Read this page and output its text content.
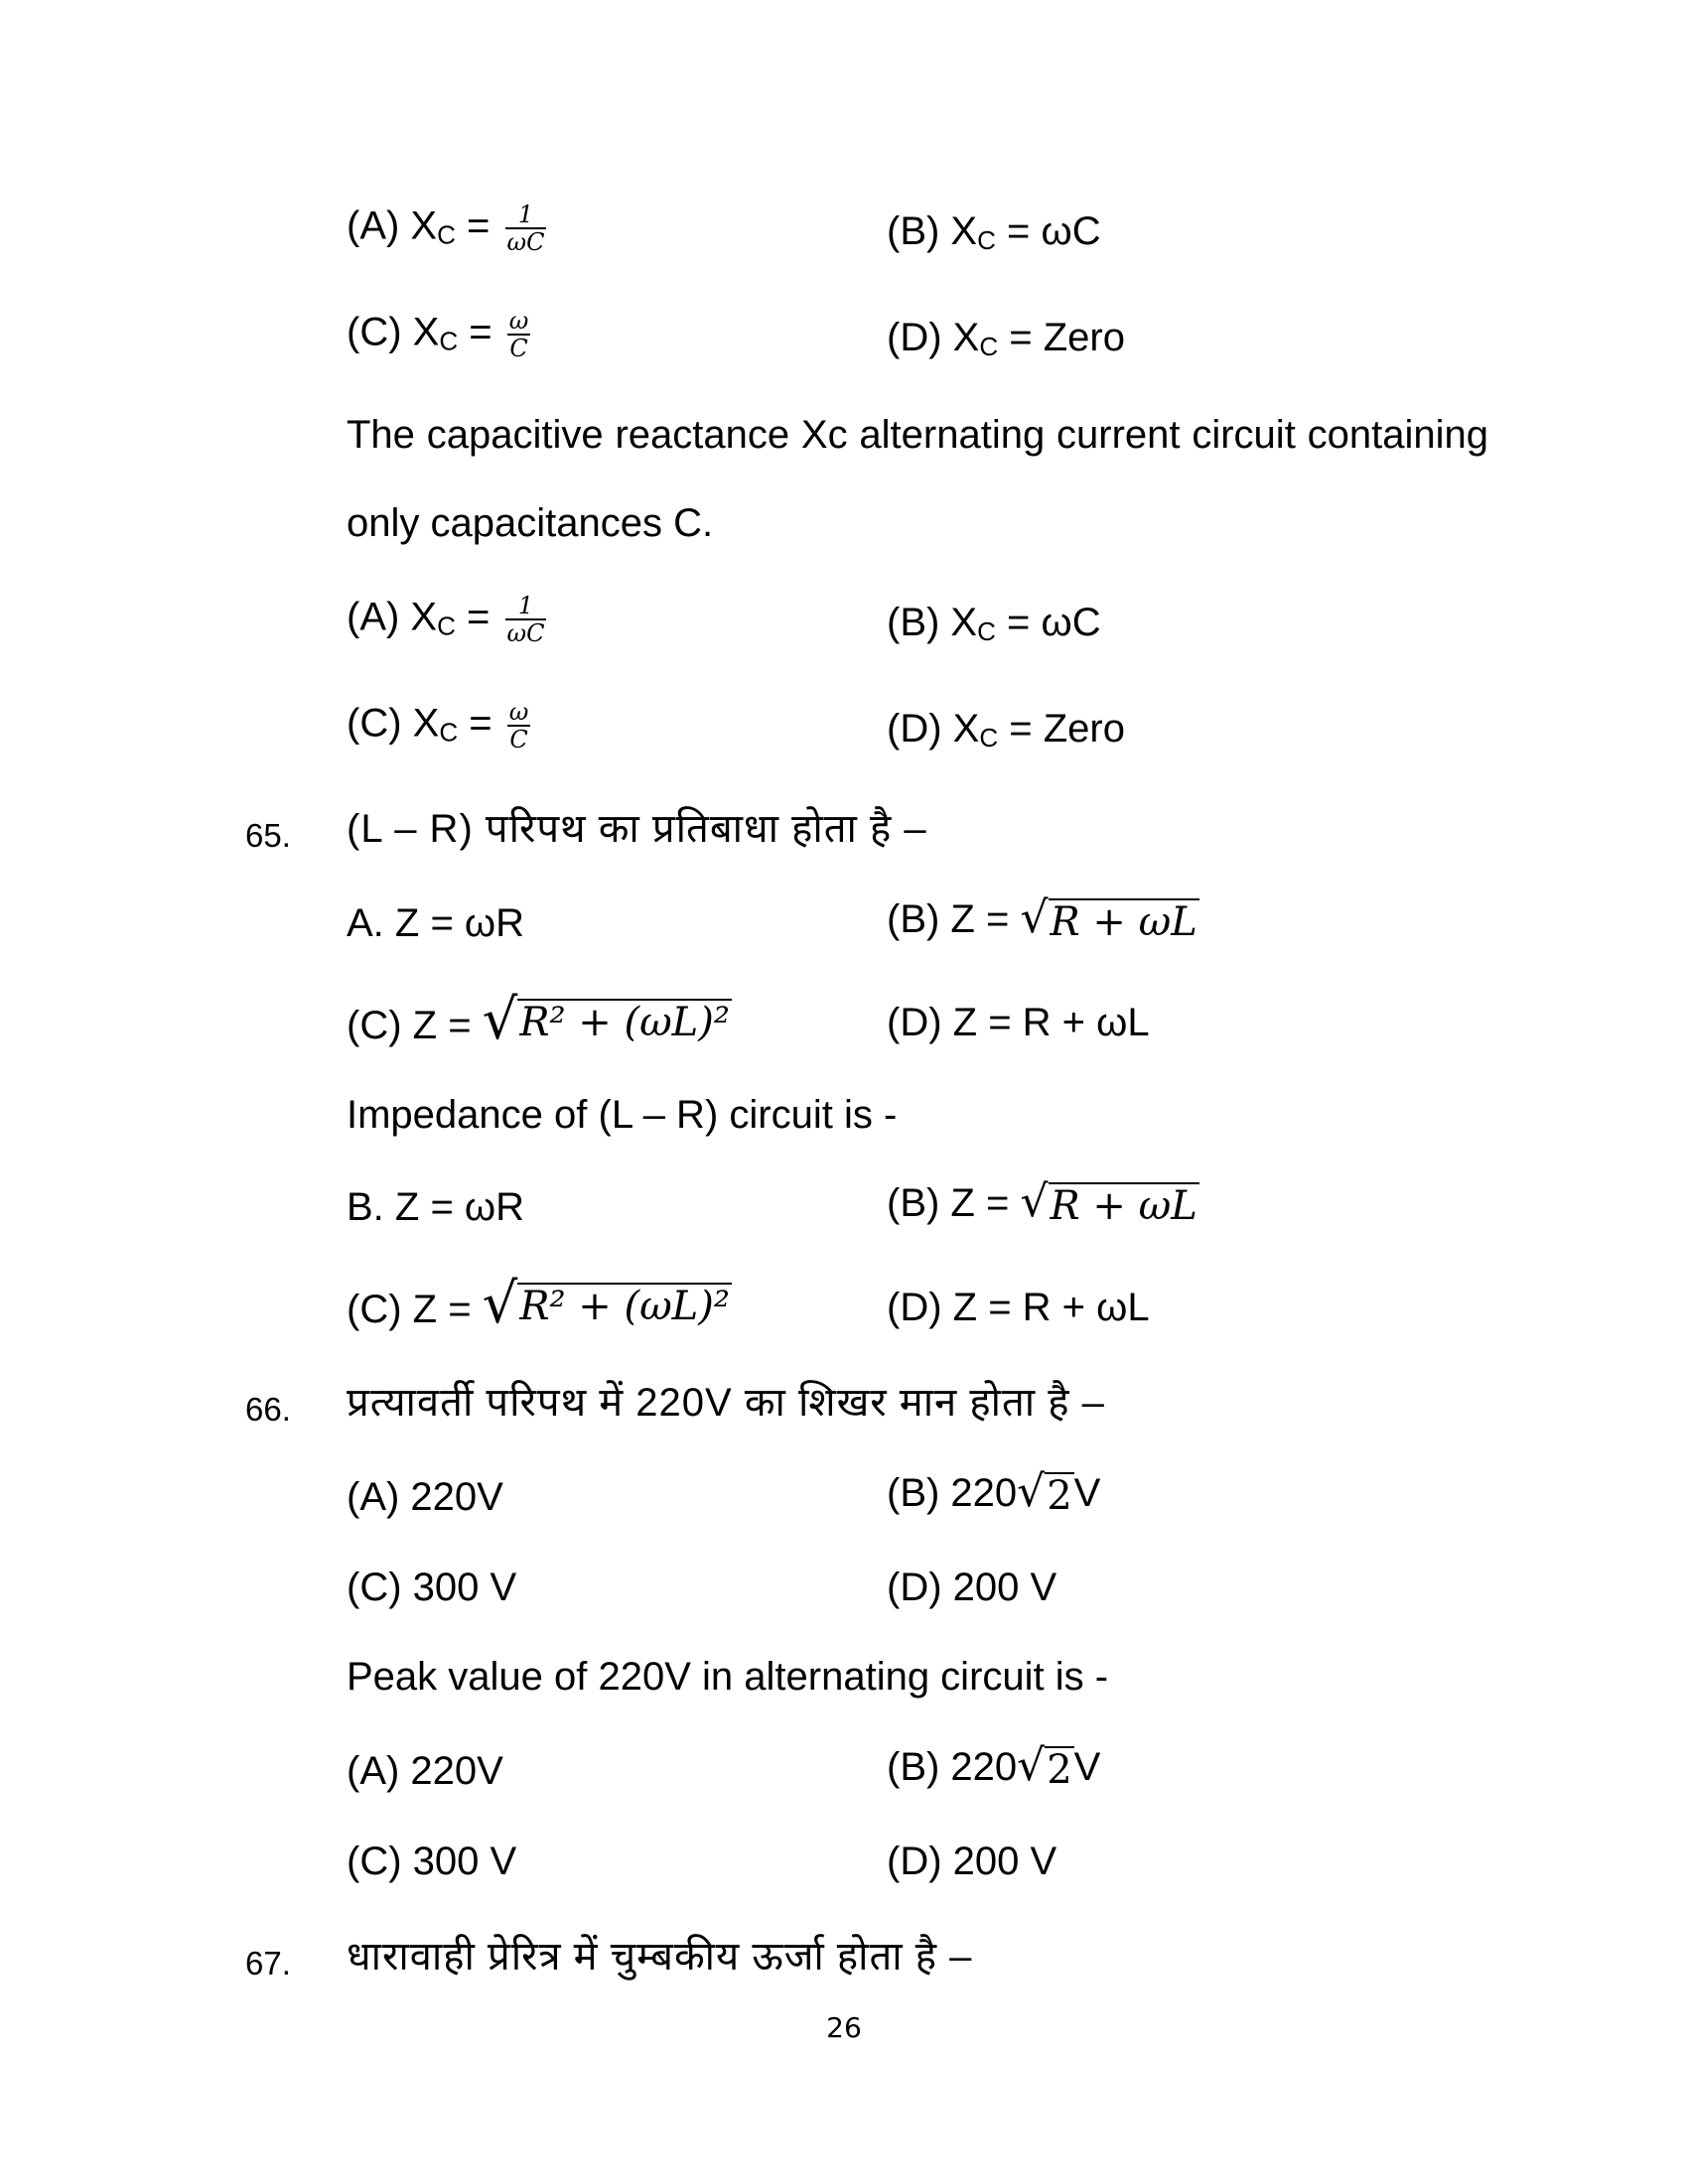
(A) $X_C = \frac{1}{\omega C}$	(B) $X_C = \omega C$
(C) $X_C = \frac{\omega}{C}$	(D) $X_C$ = Zero
The capacitive reactance Xc alternating current circuit containing
only capacitances C.
(A) $X_C = \frac{1}{\omega C}$	(B) $X_C = \omega C$
(C) $X_C = \frac{\omega}{C}$	(D) $X_C$ = Zero
65. (L – R) परिपथ का प्रतिबाधा होता है –
A. Z = ωR	(B) Z = √ R + ωL
(C) Z = √ R² + (ωL)²	(D) Z = R + ωL
Impedance of (L – R) circuit is -
B. Z = ωR	(B) Z = √ R + ωL
(C) Z = √ R² + (ωL)²	(D) Z = R + ωL
66. प्रत्यावर्ती परिपथ में 220V का शिखर मान होता है –
(A) 220V	(B) 220 √ 2 V
(C) 300 V	(D) 200 V
Peak value of 220V in alternating circuit is -
(A) 220V	(B) 220 √ 2 V
(C) 300 V	(D) 200 V
67. धारावाही प्रेरित्र में चुम्बकीय ऊर्जा होता है –
26
